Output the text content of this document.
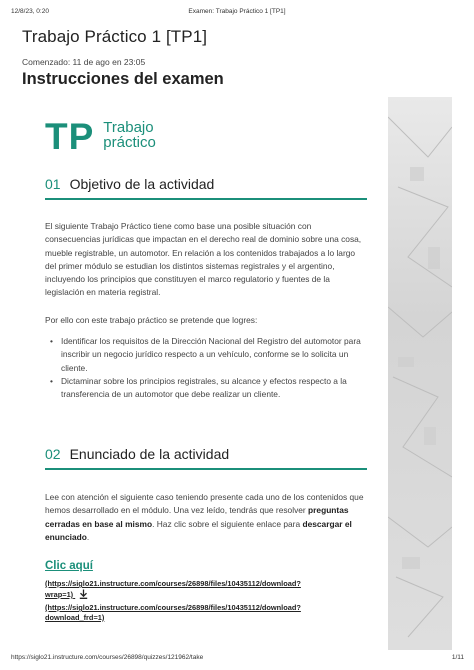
12/8/23, 0:20	Examen: Trabajo Práctico 1 [TP1]
Trabajo Práctico 1 [TP1]
Comenzado: 11 de ago en 23:05
Instrucciones del examen
TP Trabajo
práctico
01 Objetivo de la actividad

El siguiente Trabajo Práctico tiene como base una posible situación con consecuencias jurídicas que impactan en el derecho real de dominio sobre una cosa, mueble registrable, un automotor. En relación a los contenidos trabajados a lo largo del primer módulo se estudian los distintos sistemas registrales y el argentino, incluyendo los principios que constituyen el marco regulatorio y fuentes de la legislación en materia registral.

Por ello con este trabajo práctico se pretende que logres:

• Identificar los requisitos de la Dirección Nacional del Registro del automotor para inscribir un negocio jurídico respecto a un vehículo, conforme se lo solicita un cliente.
• Dictaminar sobre los principios registrales, su alcance y efectos respecto a la transferencia de un automotor que debe realizar un cliente.
02 Enunciado de la actividad

Lee con atención el siguiente caso teniendo presente cada uno de los contenidos que hemos desarrollado en el módulo. Una vez leído, tendrás que resolver preguntas cerradas en base al mismo. Haz clic sobre el siguiente enlace para descargar el enunciado.

Clic aquí
(https://siglo21.instructure.com/courses/26898/files/10435112/download?
wrap=1)
(https://siglo21.instructure.com/courses/26898/files/10435112/download?
download_frd=1)
https://siglo21.instructure.com/courses/26898/quizzes/121962/take	1/11
